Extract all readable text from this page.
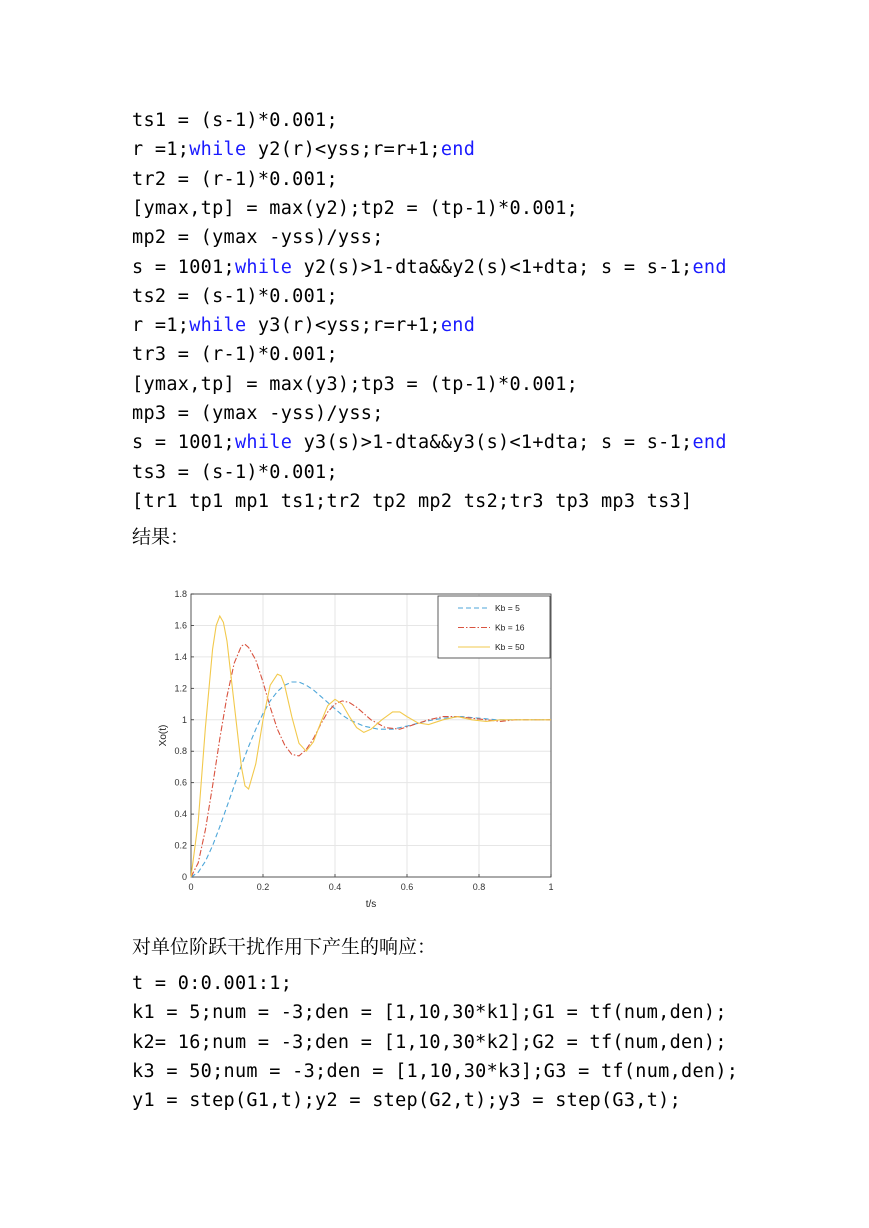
ts1 = (s-1)*0.001;
r =1;while y2(r)<yss;r=r+1;end
tr2 = (r-1)*0.001;
[ymax,tp] = max(y2);tp2 = (tp-1)*0.001;
mp2 = (ymax -yss)/yss;
s = 1001;while y2(s)>1-dta&&y2(s)<1+dta; s = s-1;end
ts2 = (s-1)*0.001;
r =1;while y3(r)<yss;r=r+1;end
tr3 = (r-1)*0.001;
[ymax,tp] = max(y3);tp3 = (tp-1)*0.001;
mp3 = (ymax -yss)/yss;
s = 1001;while y3(s)>1-dta&&y3(s)<1+dta; s = s-1;end
ts3 = (s-1)*0.001;
[tr1 tp1 mp1 ts1;tr2 tp2 mp2 ts2;tr3 tp3 mp3 ts3]
结果：
0	0.2	0.4	0.6	0.8	1
0
0.2
0.4
0.6
0.8
1
1.2
1.4
1.6
1.8
t/s
Xo(t)
Kb = 5
Kb = 16
Kb = 50
对单位阶跃干扰作用下产生的响应：
t = 0:0.001:1;
k1 = 5;num = -3;den = [1,10,30*k1];G1 = tf(num,den);
k2= 16;num = -3;den = [1,10,30*k2];G2 = tf(num,den);
k3 = 50;num = -3;den = [1,10,30*k3];G3 = tf(num,den);
y1 = step(G1,t);y2 = step(G2,t);y3 = step(G3,t);
